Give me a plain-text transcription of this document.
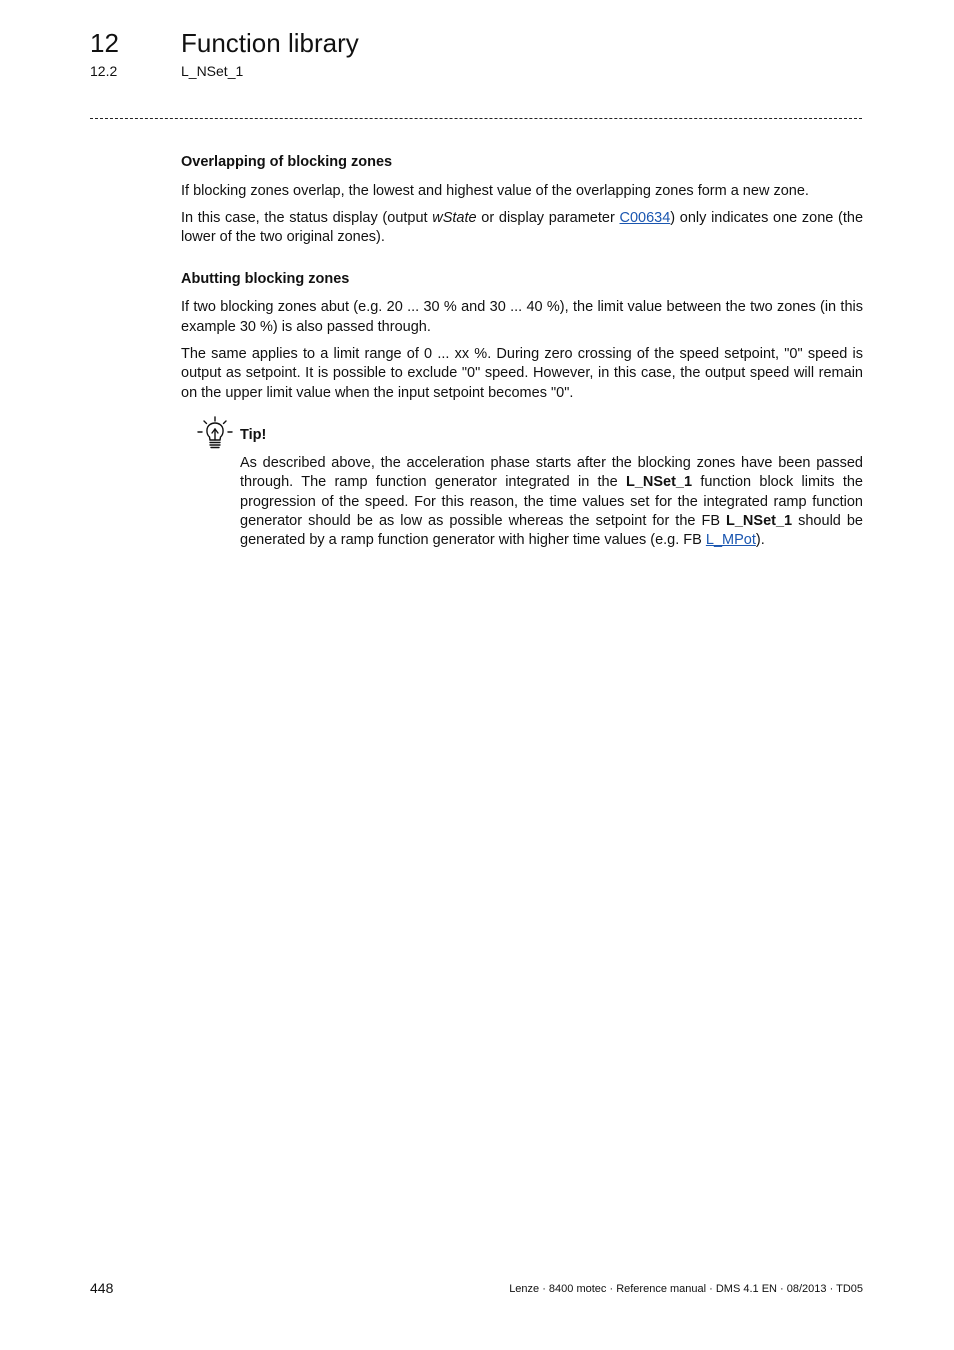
12 Function library
12.2	L_NSet_1
Overlapping of blocking zones

If blocking zones overlap, the lowest and highest value of the overlapping zones form a new zone.

In this case, the status display (output wState or display parameter C00634) only indicates one zone (the lower of the two original zones).

Abutting blocking zones

If two blocking zones abut (e.g. 20 ... 30 % and 30 ... 40 %), the limit value between the two zones (in this example 30 %) is also passed through.

The same applies to a limit range of 0 ... xx %. During zero crossing of the speed setpoint, "0" speed is output as setpoint. It is possible to exclude "0" speed. However, in this case, the output speed will remain on the upper limit value when the input setpoint becomes "0".

Tip!
As described above, the acceleration phase starts after the blocking zones have been passed through. The ramp function generator integrated in the L_NSet_1 function block limits the progression of the speed. For this reason, the time values set for the integrated ramp function generator should be as low as possible whereas the setpoint for the FB L_NSet_1 should be generated by a ramp function generator with higher time values (e.g. FB L_MPot).
448	Lenze · 8400 motec · Reference manual · DMS 4.1 EN · 08/2013 · TD05
